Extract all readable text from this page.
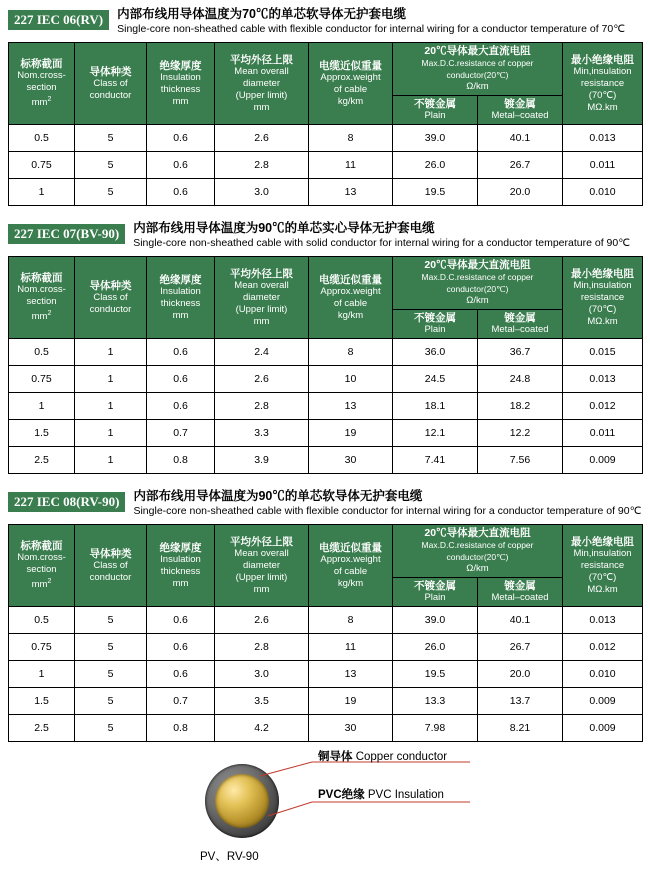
227 IEC 06(RV)	内部布线用导体温度为70℃的单芯软导体无护套电缆
Single-core non-sheathed cable with flexible conductor for internal wiring for a conductor temperature of 70℃
标称截面
Nom.cross-
section
$mm^2$	导体种类
Class of
conductor	绝缘厚度
Insulation
thickness
mm	平均外径上限
Mean overall
diameter
(Upper limit)
mm	电缆近似重量
Approx.weight
of cable
kg/km	20℃导体最大直流电阻
Max.D.C.resistance of copper conductor(20℃)
Ω/km		最小绝缘电阻
Min,insulation
resistance
(70℃)
MΩ.km

					不镀金属
Plain	镀金属
Metal–coated	

0.5	5	0.6	2.6	8	39.0	40.1	0.013
0.75	5	0.6	2.8	11	26.0	26.7	0.011
1	5	0.6	3.0	13	19.5	20.0	0.010
227 IEC 07(BV-90)	内部布线用导体温度为90℃的单芯实心导体无护套电缆
Single-core non-sheathed cable with solid conductor for internal wiring for a conductor temperature of 90℃
标称截面
Nom.cross-
section
$mm^2$	导体种类
Class of
conductor	绝缘厚度
Insulation
thickness
mm	平均外径上限
Mean overall
diameter
(Upper limit)
mm	电缆近似重量
Approx.weight
of cable
kg/km	20℃导体最大直流电阻
Max.D.C.resistance of copper conductor(20℃)
Ω/km		最小绝缘电阻
Min,insulation
resistance
(70℃)
MΩ.km

					不镀金属
Plain	镀金属
Metal–coated	

0.5	1	0.6	2.4	8	36.0	36.7	0.015
0.75	1	0.6	2.6	10	24.5	24.8	0.013
1	1	0.6	2.8	13	18.1	18.2	0.012
1.5	1	0.7	3.3	19	12.1	12.2	0.011
2.5	1	0.8	3.9	30	7.41	7.56	0.009
227 IEC 08(RV-90)	内部布线用导体温度为90℃的单芯软导体无护套电缆
Single-core non-sheathed cable with flexible conductor for internal wiring for a conductor temperature of 90℃
标称截面
Nom.cross-
section
$mm^2$	导体种类
Class of
conductor	绝缘厚度
Insulation
thickness
mm	平均外径上限
Mean overall
diameter
(Upper limit)
mm	电缆近似重量
Approx.weight
of cable
kg/km	20℃导体最大直流电阻
Max.D.C.resistance of copper conductor(20℃)
Ω/km		最小绝缘电阻
Min,insulation
resistance
(70℃)
MΩ.km

					不镀金属
Plain	镀金属
Metal–coated	

0.5	5	0.6	2.6	8	39.0	40.1	0.013
0.75	5	0.6	2.8	11	26.0	26.7	0.012
1	5	0.6	3.0	13	19.5	20.0	0.010
1.5	5	0.7	3.5	19	13.3	13.7	0.009
2.5	5	0.8	4.2	30	7.98	8.21	0.009
铜导体 Copper conductor
PVC绝缘 PVC Insulation
PV、RV-90
